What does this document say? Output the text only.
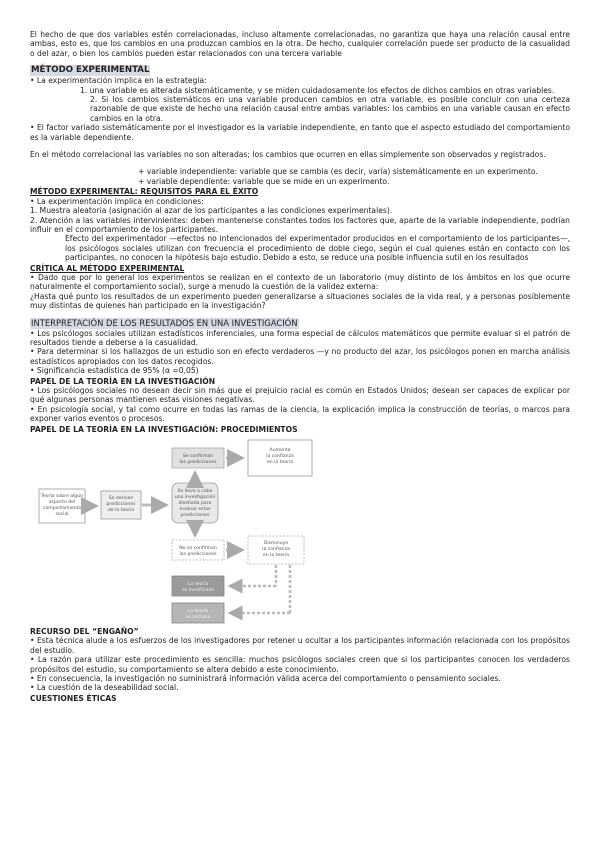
El hecho de que dos variables estén correlacionadas, incluso altamente correlacionadas, no garantiza que haya una relación causal entre ambas, esto es, que los cambios en una produzcan cambios en la otra. De hecho, cualquier correlación puede ser producto de la casualidad o del azar, o bien los cambios pueden estar relacionados con una tercera variable

MÉTODO EXPERIMENTAL

• La experimentación implica en la estrategia:

1. una variable es alterada sistemáticamente, y se miden cuidadosamente los efectos de dichos cambios en otras variables.

2. Si los cambios sistemáticos en una variable producen cambios en otra variable, es posible concluir con una certeza razonable de que existe de hecho una relación causal entre ambas variables: los cambios en una variable causan en efecto cambios en la otra.

• El factor variado sistemáticamente por el investigador es la variable independiente, en tanto que el aspecto estudiado del comportamiento es la variable dependiente.

En el método correlacional las variables no son alteradas; los cambios que ocurren en ellas simplemente son observados y registrados.

+ variable independiente: variable que se cambia (es decir, varía) sistemáticamente en un experimento.

+ variable dependiente: variable que se mide en un experimento.

MÉTODO EXPERIMENTAL: REQUISITOS PARA EL ÉXITO

• La experimentación implica en condiciones:

1. Muestra aleatoria (asignación al azar de los participantes a las condiciones experimentales).

2. Atención a las variables intervinientes: deben mantenerse constantes todos los factores que, aparte de la variable independiente, podrían influir en el comportamiento de los participantes.

Efecto del experimentador —efectos no intencionados del experimentador producidos en el comportamiento de los participantes—, los psicólogos sociales utilizan con frecuencia el procedimiento de doble ciego, según el cual quienes están en contacto con los participantes, no conocen la hipótesis bajo estudio. Debido a esto, se reduce una posible influencia sutil en los resultados

CRÍTICA AL MÉTODO EXPERIMENTAL

• Dado que por lo general los experimentos se realizan en el contexto de un laboratorio (muy distinto de los ámbitos en los que ocurre naturalmente el comportamiento social), surge a menudo la cuestión de la validez externa:

¿Hasta qué punto los resultados de un experimento pueden generalizarse a situaciones sociales de la vida real, y a personas posiblemente muy distintas de quienes han participado en la investigación?

INTERPRETACIÓN DE LOS RESULTADOS EN UNA INVESTIGACIÓN

• Los psicólogos sociales utilizan estadísticos inferenciales, una forma especial de cálculos matemáticos que permite evaluar si el patrón de resultados tiende a deberse a la casualidad.

• Para determinar si los hallazgos de un estudio son en efecto verdaderos —y no producto del azar, los psicólogos ponen en marcha análisis estadísticos apropiados con los datos recogidos.

• Significancia estadística de 95% (α =0,05)

PAPEL DE LA TEORÍA EN LA INVESTIGACIÓN

• Los psicólogos sociales no desean decir sin más que el prejuicio racial es común en Estados Unidos; desean ser capaces de explicar por qué algunas personas mantienen estas visiones negativas.

• En psicología social, y tal como ocurre en todas las ramas de la ciencia, la explicación implica la construcción de teorías, o marcos para exponer varios eventos o procesos.

PAPEL DE LA TEORÍA EN LA INVESTIGACIÓN: PROCEDIMIENTOS
Teoría sobre algún
aspecto del
comportamiento
social
Se derivan
predicciones
de la teoría
Se lleva a cabo
una investigación
diseñada para
evaluar estas
predicciones
Se confirman
las predicciones
Aumenta
la confianza
en la teoría
No se confirman
las predicciones
Disminuye
la confianza
en la teoría
La teoría
es modificada
La teoría
se rechaza
RECURSO DEL “ENGAÑO”

• Esta técnica alude a los esfuerzos de los investigadores por retener u ocultar a los participantes información relacionada con los propósitos del estudio.

• La razón para utilizar este procedimiento es sencilla: muchos psicólogos sociales creen que si los participantes conocen los verdaderos propósitos del estudio, su comportamiento se altera debido a este conocimiento.

• En consecuencia, la investigación no suministrará información válida acerca del comportamiento o pensamiento sociales.

• La cuestión de la deseabilidad social.

CUESTIONES ÉTICAS
